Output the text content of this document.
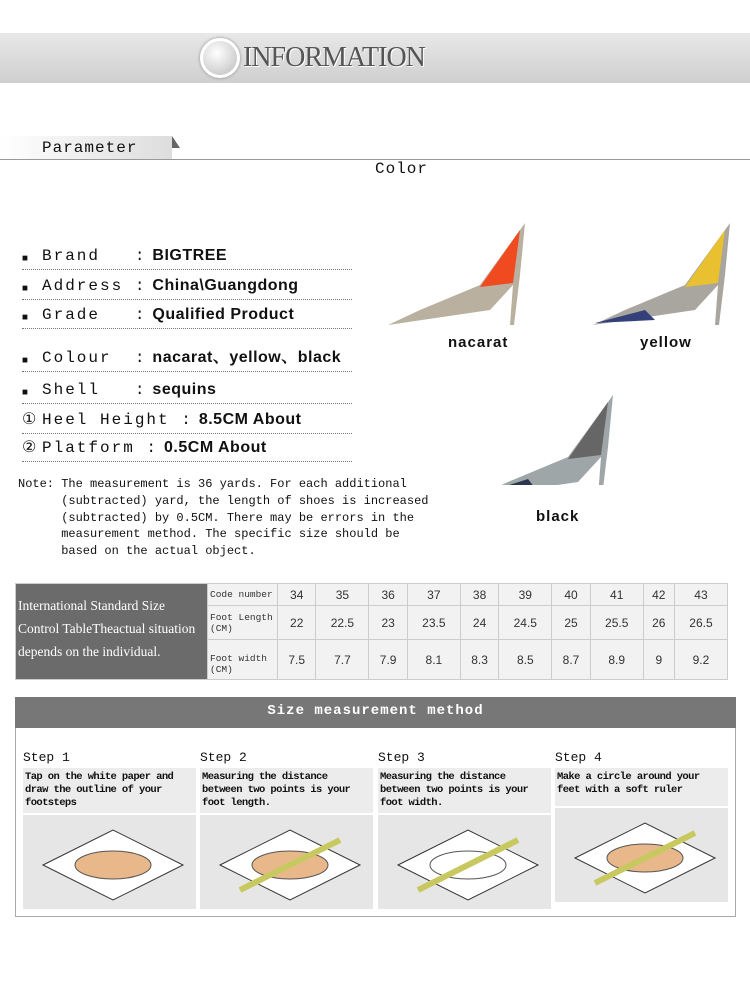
INFORMATION
Parameter
Color
■ Brand   : BIGTREE
■ Address : China\Guangdong
■ Grade   : Qualified Product
■ Colour  : nacarat、yellow、black
■ Shell   : sequins
① Heel Height : 8.5CM About
② Platform : 0.5CM About
Note: The measurement is 36 yards. For each additional
(subtracted) yard, the length of shoes is increased
(subtracted) by 0.5CM. There may be errors in the
measurement method. The specific size should be
based on the actual object.
nacarat	yellow
black
International Standard Size Control TableTheactual situation depends on the individual.	Code number	34	35	36	37	38	39	40	41	42	43
	Foot Length (CM)	22	22.5	23	23.5	24	24.5	25	25.5	26	26.5
	Foot width (CM)	7.5	7.7	7.9	8.1	8.3	8.5	8.7	8.9	9	9.2
Size measurement method
Step 1
Tap on the white paper and draw the outline of your footsteps
Step 2
Measuring the distance between two points is your foot length.
Step 3
Measuring the distance between two points is your foot width.
Step 4
Make a circle around your feet with a soft ruler
